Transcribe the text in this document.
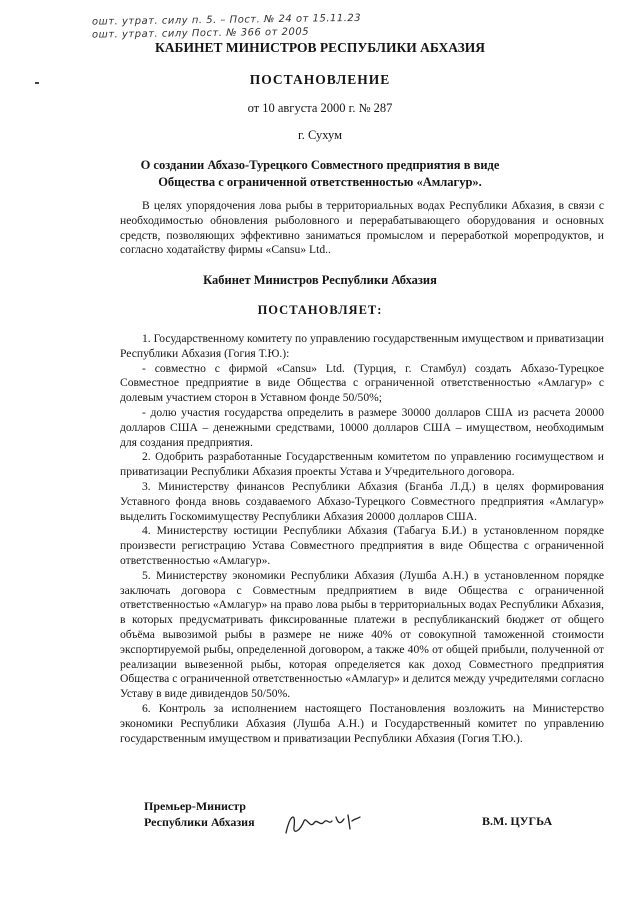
ошт. утрат. силу п. 5. – Пост. № 24 от 15.11.23
ошт. утрат. силу Пост. № 366 от 2005
КАБИНЕТ МИНИСТРОВ РЕСПУБЛИКИ АБХАЗИЯ
ПОСТАНОВЛЕНИЕ
от 10 августа 2000 г. № 287
г. Сухум
О создании Абхазо-Турецкого Совместного предприятия в виде
Общества с ограниченной ответственностью «Амлагур».

В целях упорядочения лова рыбы в территориальных водах Республики Абхазия, в связи с необходимостью обновления рыболовного и перерабатывающего оборудования и основных средств, позволяющих эффективно заниматься промыслом и переработкой морепродуктов, и согласно ходатайству фирмы «Cansu» Ltd..

Кабинет Министров Республики Абхазия
ПОСТАНОВЛЯЕТ:

1. Государственному комитету по управлению государственным имуществом и приватизации Республики Абхазия (Гогия Т.Ю.):

- совместно с фирмой «Cansu» Ltd. (Турция, г. Стамбул) создать Абхазо-Турецкое Совместное предприятие в виде Общества с ограниченной ответственностью «Амлагур» с долевым участием сторон в Уставном фонде 50/50%;

- долю участия государства определить в размере 30000 долларов США из расчета 20000 долларов США – денежными средствами, 10000 долларов США – имуществом, необходимым для создания предприятия.

2. Одобрить разработанные Государственным комитетом по управлению госимуществом и приватизации Республики Абхазия проекты Устава и Учредительного договора.

3. Министерству финансов Республики Абхазия (Бганба Л.Д.) в целях формирования Уставного фонда вновь создаваемого Абхазо-Турецкого Совместного предприятия «Амлагур» выделить Госкомимуществу Республики Абхазия 20000 долларов США.

4. Министерству юстиции Республики Абхазия (Табагуа Б.И.) в установленном порядке произвести регистрацию Устава Совместного предприятия в виде Общества с ограниченной ответственностью «Амлагур».

5. Министерству экономики Республики Абхазия (Лушба А.Н.) в установленном порядке заключать договора с Совместным предприятием в виде Общества с ограниченной ответственностью «Амлагур» на право лова рыбы в территориальных водах Республики Абхазия, в которых предусматривать фиксированные платежи в республиканский бюджет от общего объёма вывозимой рыбы в размере не ниже 40% от совокупной таможенной стоимости экспортируемой рыбы, определенной договором, а также 40% от общей прибыли, полученной от реализации вывезенной рыбы, которая определяется как доход Совместного предприятия Общества с ограниченной ответственностью «Амлагур» и делится между учредителями согласно Уставу в виде дивидендов 50/50%.

6. Контроль за исполнением настоящего Постановления возложить на Министерство экономики Республики Абхазия (Лушба А.Н.) и Государственный комитет по управлению государственным имуществом и приватизации Республики Абхазия (Гогия Т.Ю.).

Премьер-Министр
Республики Абхазия	В.М. ЦУГЬА
